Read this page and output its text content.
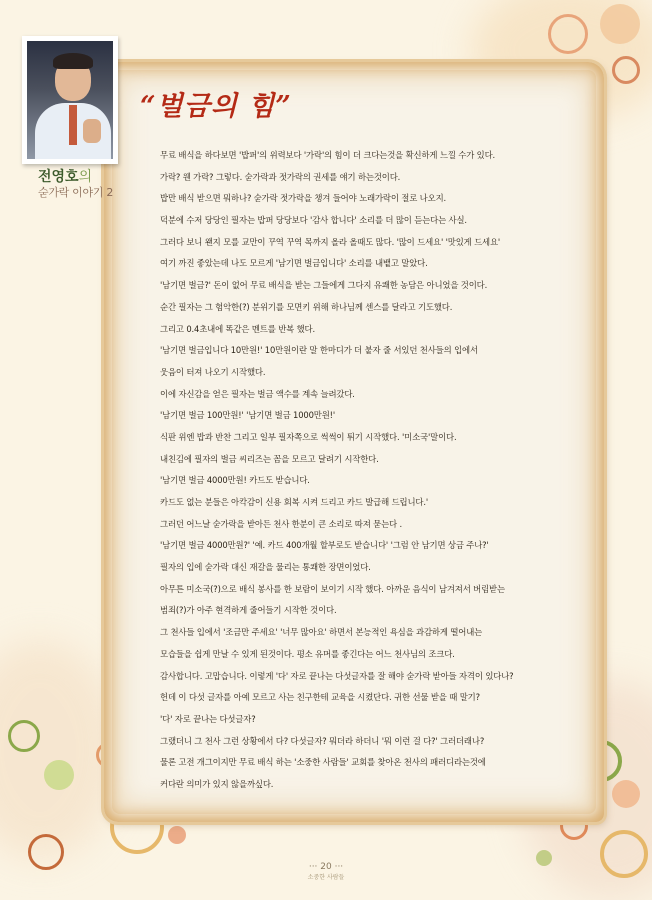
전영호의

숟가락 이야기 2

“벌금의 힘”
무료 배식을 하다보면 '밥퍼'의 위력보다 '가락'의 힘이 더 크다는것을 확신하게 느낄 수가 있다.
가락? 웬 가락? 그렇다. 숟가락과 젓가락의 권세를 얘기 하는것이다.
밥만 배식 받으면 뭐하나? 숟가락 젓가락을 챙겨 들어야 노래가락이 절로 나오지.
덕분에 수저 당당인 필자는 밥퍼 당당보다 '감사 합니다' 소리를 더 많이 듣는다는 사실.
그러다 보니 왠지 모를 교만이 꾸역 꾸역 목까지 올라 올때도 많다. '많이 드세요' '맛있게 드세요'
여기 까진 좋았는데 나도 모르게 '남기면 벌금입니다' 소리를 내뱉고 말았다.
'남기면 벌금?' 돈이 없어 무료 배식을 받는 그들에게 그다지 유쾌한 농담은 아니었을 것이다.
순간 필자는 그 험악한(?) 분위기를 모면키 위해 하나님께 센스를 달라고 기도했다.
그리고 0.4초내에 똑같은 멘트를 반복 했다.
'남기면 벌금입니다 10만원!' 10만원이란 말 한마디가 더 붙자 줄 서있던 천사들의 입에서
웃음이 터져 나오기 시작했다.
이에 자신감을 얻은 필자는 벌금 액수를 계속 늘려갔다.
'남기면 벌금 100만원!' '남기면 벌금 1000만원!'
식판 위엔 밥과 반찬 그리고 일부 필자쪽으로 썩썩이 튀기 시작했다. '미소국'말이다.
내친김에 필자의 벌금 씨리즈는 꼼을 모르고 달려기 시작한다.
'남기면 벌금 4000만원! 카드도 받습니다.
카드도 없는 분들은 아칵감이 신용 회복 시켜 드리고 카드 발급해 드립니다.'
그러던 어느날 숟가락을 받아든 천사 한분이 큰 소리로 따져 묻는다 .
'남기면 벌금 4000만원?' '예. 카드 400개월 할부로도 받습니다' '그럼 안 남기면 상금 주나?'
필자의 입에 숟가락 대신 재갈을 물리는 통쾌한 장면이었다.
아무튼 미소국(?)으로 배식 봉사를 한 보람이 보이기 시작 했다. 아까운 음식이 남겨져서 버림받는
범죄(?)가 아주 현격하게 줄어들기 시작한 것이다.
그 천사들 입에서 '조금만 주세요' '너무 많아요' 하면서 본능적인 욕심을 과감하게 떨어내는
모습들을 쉽게 만날 수 있게 된것이다. 평소 유머를 좋긴다는 어느 천사님의 조크다.
감사합니다. 고맙습니다. 이렇게 '다' 자로 끝나는 다섯글자를 잘 해야 숟가락 받아들 자격이 있다나?
헌데 이 다섯 글자를 아예 모르고 사는 친구한테 교육을 시켰단다. 귀한 선물 받을 때 말기?
'다' 자로 끝나는 다섯글자?
그랬더니 그 천사 그런 상황에서 다? 다섯글자? 뭐더라 하더니 '뭐 이런 걸 다?' 그러더래나?
물론 고전 개그이지만 무료 배식 하는 '소중한 사람들' 교회를 찾아온 천사의 패러디라는것에
커다란 의미가 있지 않을까싶다.
··· 20 ···
소중한 사람들
